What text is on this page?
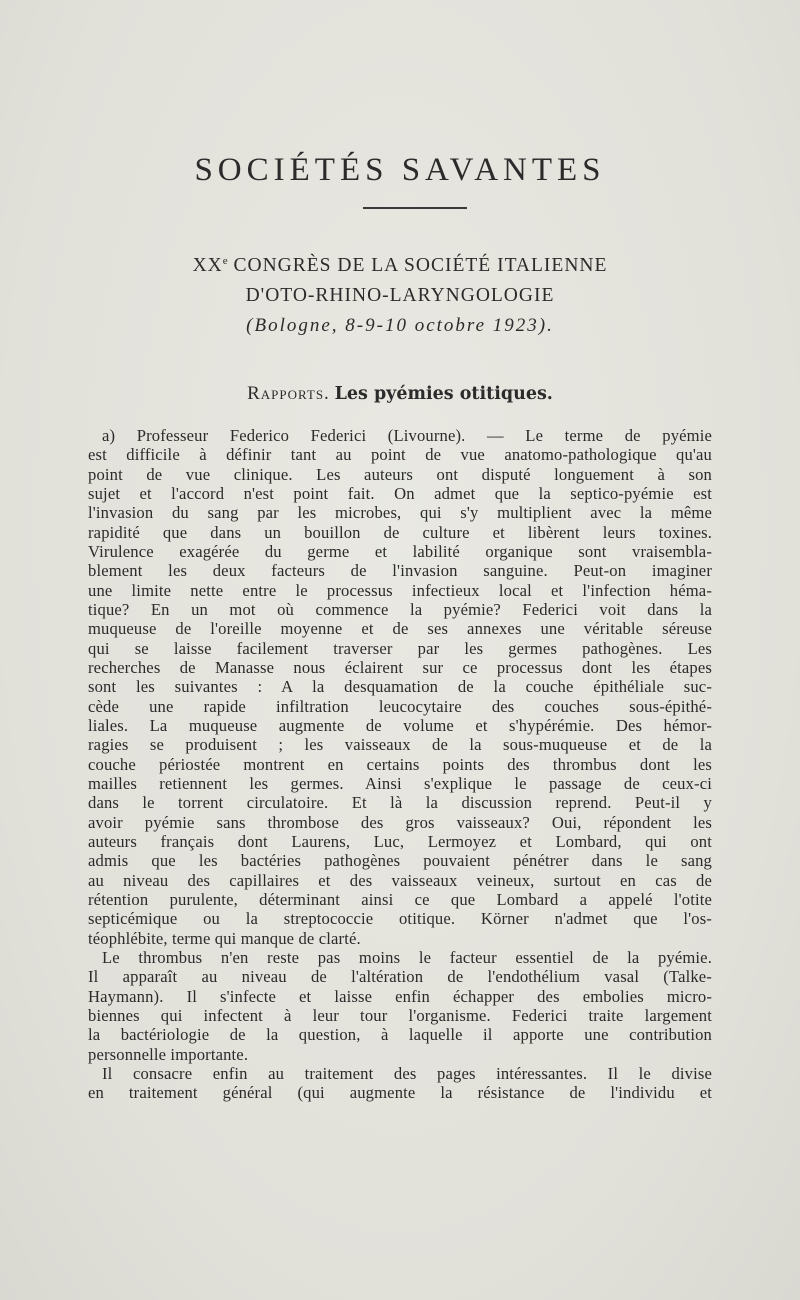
SOCIÉTÉS SAVANTES

XXe CONGRÈS DE LA SOCIÉTÉ ITALIENNE

D'OTO-RHINO-LARYNGOLOGIE

(Bologne, 8-9-10 octobre 1923).

Rapports. Les pyémies otitiques.

a) Professeur Federico Federici (Livourne). — Le terme de pyémie
est difficile à définir tant au point de vue anatomo-pathologique qu'au
point de vue clinique. Les auteurs ont disputé longuement à son
sujet et l'accord n'est point fait. On admet que la septico-pyémie est
l'invasion du sang par les microbes, qui s'y multiplient avec la même
rapidité que dans un bouillon de culture et libèrent leurs toxines.
Virulence exagérée du germe et labilité organique sont vraisembla-
blement les deux facteurs de l'invasion sanguine. Peut-on imaginer
une limite nette entre le processus infectieux local et l'infection héma-
tique? En un mot où commence la pyémie? Federici voit dans la
muqueuse de l'oreille moyenne et de ses annexes une véritable séreuse
qui se laisse facilement traverser par les germes pathogènes. Les
recherches de Manasse nous éclairent sur ce processus dont les étapes
sont les suivantes : A la desquamation de la couche épithéliale suc-
cède une rapide infiltration leucocytaire des couches sous-épithé-
liales. La muqueuse augmente de volume et s'hypérémie. Des hémor-
ragies se produisent ; les vaisseaux de la sous-muqueuse et de la
couche périostée montrent en certains points des thrombus dont les
mailles retiennent les germes. Ainsi s'explique le passage de ceux-ci
dans le torrent circulatoire. Et là la discussion reprend. Peut-il y
avoir pyémie sans thrombose des gros vaisseaux? Oui, répondent les
auteurs français dont Laurens, Luc, Lermoyez et Lombard, qui ont
admis que les bactéries pathogènes pouvaient pénétrer dans le sang
au niveau des capillaires et des vaisseaux veineux, surtout en cas de
rétention purulente, déterminant ainsi ce que Lombard a appelé l'otite
septicémique ou la streptococcie otitique. Körner n'admet que l'os-
téophlébite, terme qui manque de clarté.
Le thrombus n'en reste pas moins le facteur essentiel de la pyémie.
Il apparaît au niveau de l'altération de l'endothélium vasal (Talke-
Haymann). Il s'infecte et laisse enfin échapper des embolies micro-
biennes qui infectent à leur tour l'organisme. Federici traite largement
la bactériologie de la question, à laquelle il apporte une contribution
personnelle importante.
Il consacre enfin au traitement des pages intéressantes. Il le divise
en traitement général (qui augmente la résistance de l'individu et
